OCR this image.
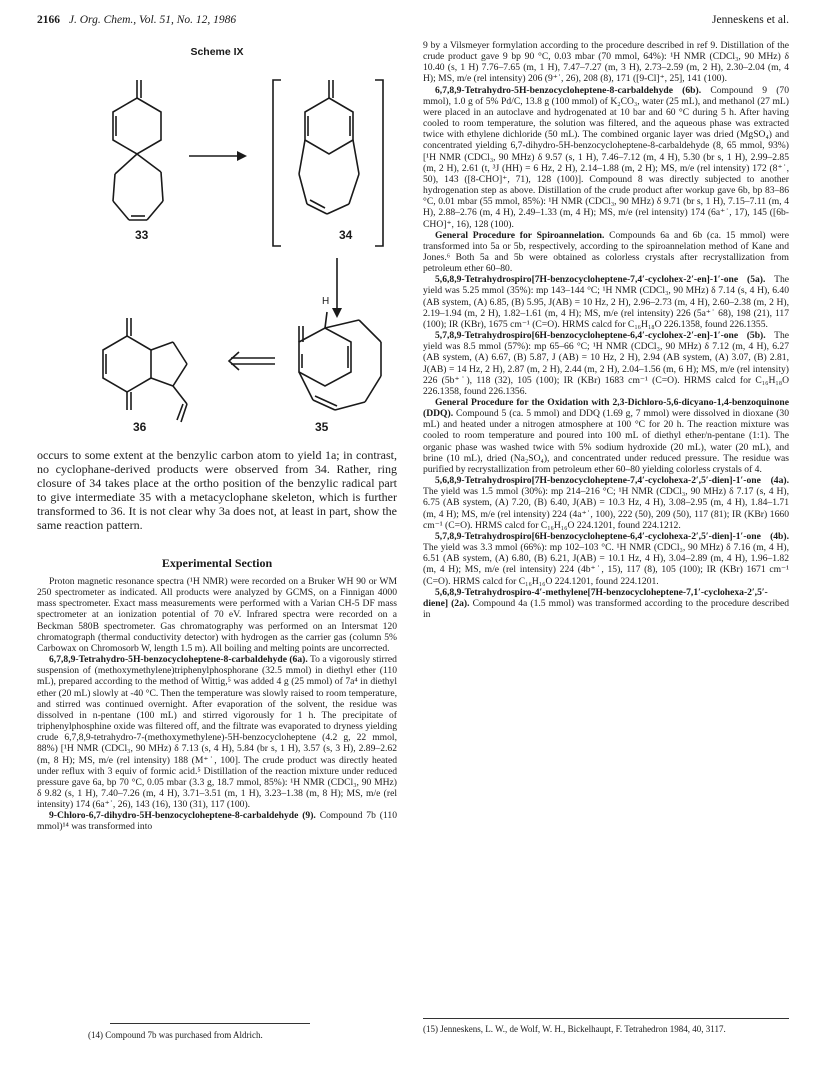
2166 J. Org. Chem., Vol. 51, No. 12, 1986	Jenneskens et al.
Scheme IX
33	34
36	35
H

occurs to some extent at the benzylic carbon atom to yield 1a; in contrast, no cyclophane-derived products were observed from 34. Rather, ring closure of 34 takes place at the ortho position of the benzylic radical part to give intermediate 35 with a metacyclophane skeleton, which is further transformed to 36. It is not clear why 3a does not, at least in part, show the same reaction pattern.

Experimental Section

Proton magnetic resonance spectra (¹H NMR) were recorded on a Bruker WH 90 or WM 250 spectrometer as indicated. All products were analyzed by GCMS, on a Finnigan 4000 mass spectrometer. Exact mass measurements were performed with a Varian CH-5 DF mass spectrometer at an ionization potential of 70 eV. Infrared spectra were recorded on a Beckman 580B spectrometer. Gas chromatography was performed on an Intersmat 120 chromatograph (thermal conductivity detector) with hydrogen as the carrier gas (column 5% Carbowax on Chromosorb W, length 1.5 m). All boiling and melting points are uncorrected.

6,7,8,9-Tetrahydro-5H-benzocycloheptene-8-carbaldehyde (6a). To a vigorously stirred suspension of (methoxymethylene)triphenylphosphorane (32.5 mmol) in diethyl ether (110 mL), prepared according to the method of Wittig,⁵ was added 4 g (25 mmol) of 7a⁴ in diethyl ether (20 mL) slowly at -40 °C. Then the temperature was slowly raised to room temperature, and stirred was continued overnight. After evaporation of the solvent, the residue was dissolved in n-pentane (100 mL) and stirred vigorously for 1 h. The precipitate of triphenylphosphine oxide was filtered off, and the filtrate was evaporated to dryness yielding crude 6,7,8,9-tetrahydro-7-(methoxymethylene)-5H-benzocycloheptene (4.2 g, 22 mmol, 88%) [¹H NMR (CDCl₃, 90 MHz) δ 7.13 (s, 4 H), 5.84 (br s, 1 H), 3.57 (s, 3 H), 2.89–2.62 (m, 8 H); MS, m/e (rel intensity) 188 (M⁺˙, 100]. The crude product was directly heated under reflux with 3 equiv of formic acid.⁵ Distillation of the reaction mixture under reduced pressure gave 6a, bp 70 °C, 0.05 mbar (3.3 g, 18.7 mmol, 85%): ¹H NMR (CDCl₃, 90 MHz) δ 9.82 (s, 1 H), 7.40–7.26 (m, 4 H), 3.71–3.51 (m, 1 H), 3.23–1.38 (m, 8 H); MS, m/e (rel intensity) 174 (6a⁺˙, 26), 143 (16), 130 (31), 117 (100).

9-Chloro-6,7-dihydro-5H-benzocycloheptene-8-carbaldehyde (9). Compound 7b (110 mmol)¹⁴ was transformed into

(14) Compound 7b was purchased from Aldrich.

9 by a Vilsmeyer formylation according to the procedure described in ref 9. Distillation of the crude product gave 9 bp 90 °C, 0.03 mbar (70 mmol, 64%): ¹H NMR (CDCl₃, 90 MHz) δ 10.40 (s, 1 H) 7.76–7.65 (m, 1 H), 7.47–7.27 (m, 3 H), 2.73–2.59 (m, 2 H), 2.30–2.04 (m, 4 H); MS, m/e (rel intensity) 206 (9⁺˙, 26), 208 (8), 171 ([9-Cl]⁺, 25], 141 (100).

6,7,8,9-Tetrahydro-5H-benzocycloheptene-8-carbaldehyde (6b). Compound 9 (70 mmol), 1.0 g of 5% Pd/C, 13.8 g (100 mmol) of K₂CO₃, water (25 mL), and methanol (27 mL) were placed in an autoclave and hydrogenated at 10 bar and 60 °C during 5 h. After having cooled to room temperature, the solution was filtered, and the aqueous phase was extracted twice with ethylene dichloride (50 mL). The combined organic layer was dried (MgSO₄) and concentrated yielding 6,7-dihydro-5H-benzocycloheptene-8-carbaldehyde (8, 65 mmol, 93%) [¹H NMR (CDCl₃, 90 MHz) δ 9.57 (s, 1 H), 7.46–7.12 (m, 4 H), 5.30 (br s, 1 H), 2.99–2.85 (m, 2 H), 2.61 (t, ³J (HH) = 6 Hz, 2 H), 2.14–1.88 (m, 2 H); MS, m/e (rel intensity) 172 (8⁺˙, 50), 143 ([8-CHO]⁺, 71), 128 (100)]. Compound 8 was directly subjected to another hydrogenation step as above. Distillation of the crude product after workup gave 6b, bp 83–86 °C, 0.01 mbar (55 mmol, 85%): ¹H NMR (CDCl₃, 90 MHz) δ 9.71 (br s, 1 H), 7.15–7.11 (m, 4 H), 2.88–2.76 (m, 4 H), 2.49–1.33 (m, 4 H); MS, m/e (rel intensity) 174 (6a⁺˙, 17), 145 ([6b-CHO]⁺, 16), 128 (100).

General Procedure for Spiroannelation. Compounds 6a and 6b (ca. 15 mmol) were transformed into 5a or 5b, respectively, according to the spiroannelation method of Kane and Jones.⁶ Both 5a and 5b were obtained as colorless crystals after recrystallization from petroleum ether 60–80.

5,6,8,9-Tetrahydrospiro[7H-benzocycloheptene-7,4′-cyclohex-2′-en]-1′-one (5a). The yield was 5.25 mmol (35%): mp 143–144 °C; ¹H NMR (CDCl₃, 90 MHz) δ 7.14 (s, 4 H), 6.40 (AB system, (A) 6.85, (B) 5.95, J(AB) = 10 Hz, 2 H), 2.96–2.73 (m, 4 H), 2.60–2.38 (m, 2 H), 2.19–1.94 (m, 2 H), 1.82–1.61 (m, 4 H); MS, m/e (rel intensity) 226 (5a⁺˙ 68), 198 (21), 117 (100); IR (KBr), 1675 cm⁻¹ (C=O). HRMS calcd for C₁₆H₁₈O 226.1358, found 226.1355.

5,7,8,9-Tetrahydrospiro[6H-benzocycloheptene-6,4′-cyclohex-2′-en]-1′-one (5b). The yield was 8.5 mmol (57%): mp 65–66 °C; ¹H NMR (CDCl₃, 90 MHz) δ 7.12 (m, 4 H), 6.27 (AB system, (A) 6.67, (B) 5.87, J (AB) = 10 Hz, 2 H), 2.94 (AB system, (A) 3.07, (B) 2.81, J(AB) = 14 Hz, 2 H), 2.87 (m, 2 H), 2.44 (m, 2 H), 2.04–1.56 (m, 6 H); MS, m/e (rel intensity) 226 (5b⁺˙), 118 (32), 105 (100); IR (KBr) 1683 cm⁻¹ (C=O). HRMS calcd for C₁₆H₁₈O 226.1358, found 226.1356.

General Procedure for the Oxidation with 2,3-Dichloro-5,6-dicyano-1,4-benzoquinone (DDQ). Compound 5 (ca. 5 mmol) and DDQ (1.69 g, 7 mmol) were dissolved in dioxane (30 mL) and heated under a nitrogen atmosphere at 100 °C for 20 h. The reaction mixture was cooled to room temperature and poured into 100 mL of diethyl ether/n-pentane (1:1). The organic phase was washed twice with 5% sodium hydroxide (20 mL), water (20 mL), and brine (10 mL), dried (Na₂SO₄), and concentrated under reduced pressure. The residue was purified by recrystallization from petroleum ether 60–80 yielding colorless crystals of 4.

5,6,8,9-Tetrahydrospiro[7H-benzocycloheptene-7,4′-cyclohexa-2′,5′-dien]-1′-one (4a). The yield was 1.5 mmol (30%): mp 214–216 °C; ¹H NMR (CDCl₃, 90 MHz) δ 7.17 (s, 4 H), 6.75 (AB system, (A) 7.20, (B) 6.40, J(AB) = 10.3 Hz, 4 H), 3.08–2.95 (m, 4 H), 1.84–1.71 (m, 4 H); MS, m/e (rel intensity) 224 (4a⁺˙, 100), 222 (50), 209 (50), 117 (81); IR (KBr) 1660 cm⁻¹ (C=O). HRMS calcd for C₁₆H₁₆O 224.1201, found 224.1212.

5,7,8,9-Tetrahydrospiro[6H-benzocycloheptene-6,4′-cyclohexa-2′,5′-dien]-1′-one (4b). The yield was 3.3 mmol (66%): mp 102–103 °C. ¹H NMR (CDCl₃, 90 MHz) δ 7.16 (m, 4 H), 6.51 (AB system, (A) 6.80, (B) 6.21, J(AB) = 10.1 Hz, 4 H), 3.04–2.89 (m, 4 H), 1.96–1.82 (m, 4 H); MS, m/e (rel intensity) 224 (4b⁺˙, 15), 117 (8), 105 (100); IR (KBr) 1671 cm⁻¹ (C=O). HRMS calcd for C₁₆H₁₆O 224.1201, found 224.1201.

5,6,8,9-Tetrahydrospiro-4′-methylene[7H-benzocycloheptene-7,1′-cyclohexa-2′,5′-diene] (2a). Compound 4a (1.5 mmol) was transformed according to the procedure described in

(15) Jenneskens, L. W., de Wolf, W. H., Bickelhaupt, F. Tetrahedron 1984, 40, 3117.
